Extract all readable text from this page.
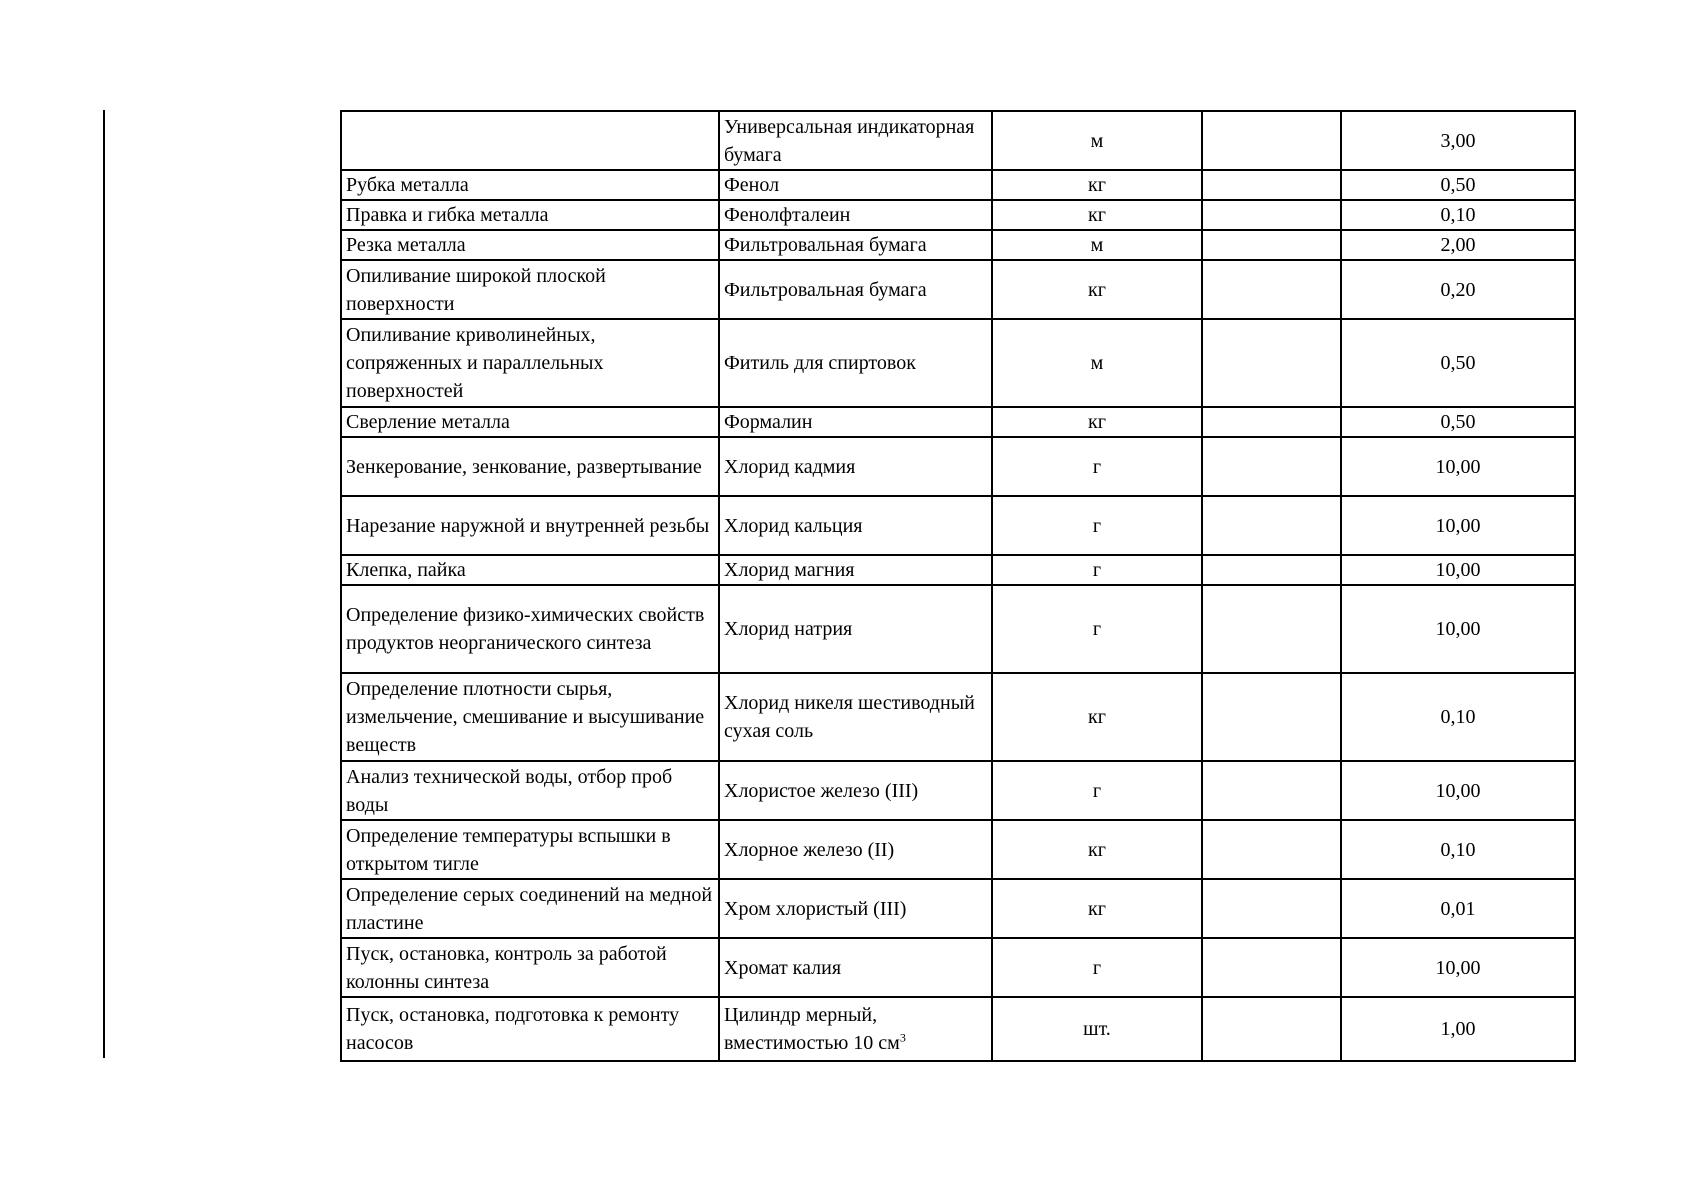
	Универсальная индикаторная бумага	м		3,00
Рубка металла	Фенол	кг		0,50
Правка и гибка металла	Фенолфталеин	кг		0,10
Резка металла	Фильтровальная бумага	м		2,00
Опиливание широкой плоской поверхности	Фильтровальная бумага	кг		0,20
Опиливание криволинейных, сопряженных и параллельных поверхностей	Фитиль для спиртовок	м		0,50
Сверление металла	Формалин	кг		0,50
Зенкерование, зенкование, развертывание	Хлорид кадмия	г		10,00
Нарезание наружной и внутренней резьбы	Хлорид кальция	г		10,00
Клепка, пайка	Хлорид магния	г		10,00
Определение физико-химических свойств продуктов неорганического синтеза	Хлорид натрия	г		10,00
Определение плотности сырья, измельчение, смешивание и высушивание веществ	Хлорид никеля шестиводный сухая соль	кг		0,10
Анализ технической воды, отбор проб воды	Хлористое железо (III)	г		10,00
Определение температуры вспышки в открытом тигле	Хлорное железо (II)	кг		0,10
Определение серых соединений на медной пластине	Хром хлористый (III)	кг		0,01
Пуск, остановка, контроль за работой колонны синтеза	Хромат калия	г		10,00
Пуск, остановка, подготовка к ремонту насосов	Цилиндр мерный, вместимостью 10 $см^3$	шт.		1,00
